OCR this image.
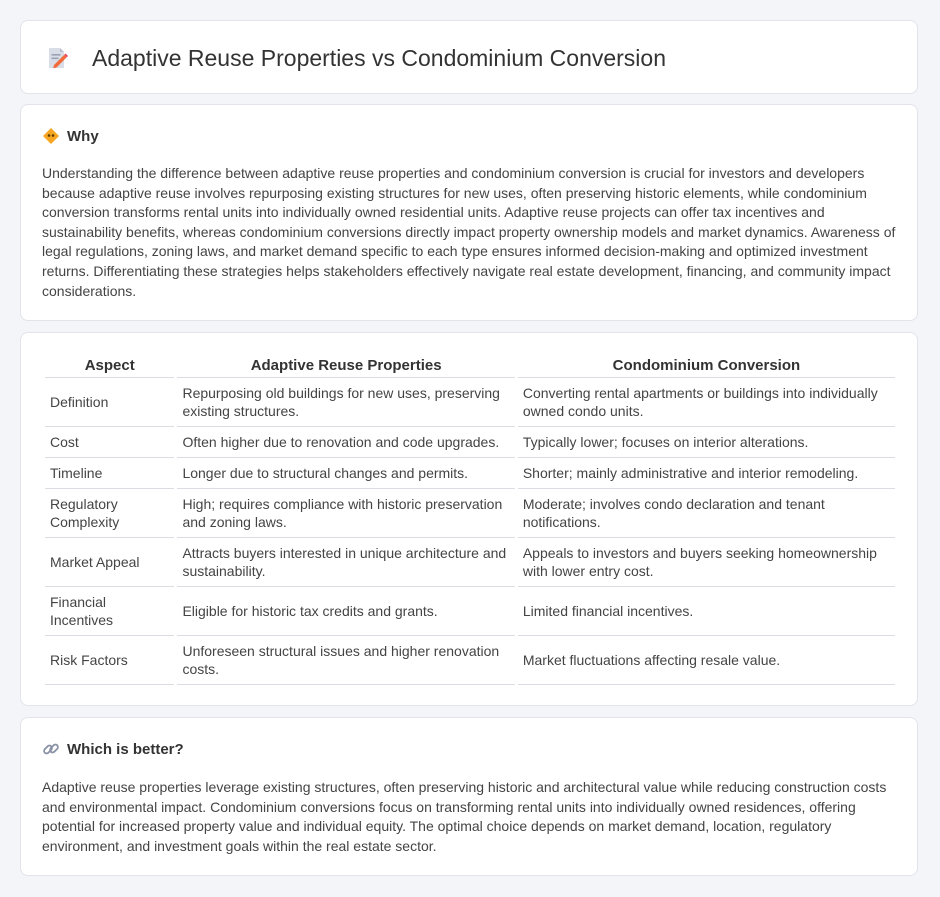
Adaptive Reuse Properties vs Condominium Conversion
Why

Understanding the difference between adaptive reuse properties and condominium conversion is crucial for investors and developers because adaptive reuse involves repurposing existing structures for new uses, often preserving historic elements, while condominium conversion transforms rental units into individually owned residential units. Adaptive reuse projects can offer tax incentives and sustainability benefits, whereas condominium conversions directly impact property ownership models and market dynamics. Awareness of legal regulations, zoning laws, and market demand specific to each type ensures informed decision-making and optimized investment returns. Differentiating these strategies helps stakeholders effectively navigate real estate development, financing, and community impact considerations.

Aspect	Adaptive Reuse Properties	Condominium Conversion
Definition	Repurposing old buildings for new uses, preserving existing structures.	Converting rental apartments or buildings into individually owned condo units.
Cost	Often higher due to renovation and code upgrades.	Typically lower; focuses on interior alterations.
Timeline	Longer due to structural changes and permits.	Shorter; mainly administrative and interior remodeling.
Regulatory Complexity	High; requires compliance with historic preservation and zoning laws.	Moderate; involves condo declaration and tenant notifications.
Market Appeal	Attracts buyers interested in unique architecture and sustainability.	Appeals to investors and buyers seeking homeownership with lower entry cost.
Financial Incentives	Eligible for historic tax credits and grants.	Limited financial incentives.
Risk Factors	Unforeseen structural issues and higher renovation costs.	Market fluctuations affecting resale value.
Which is better?

Adaptive reuse properties leverage existing structures, often preserving historic and architectural value while reducing construction costs and environmental impact. Condominium conversions focus on transforming rental units into individually owned residences, offering potential for increased property value and individual equity. The optimal choice depends on market demand, location, regulatory environment, and investment goals within the real estate sector.
